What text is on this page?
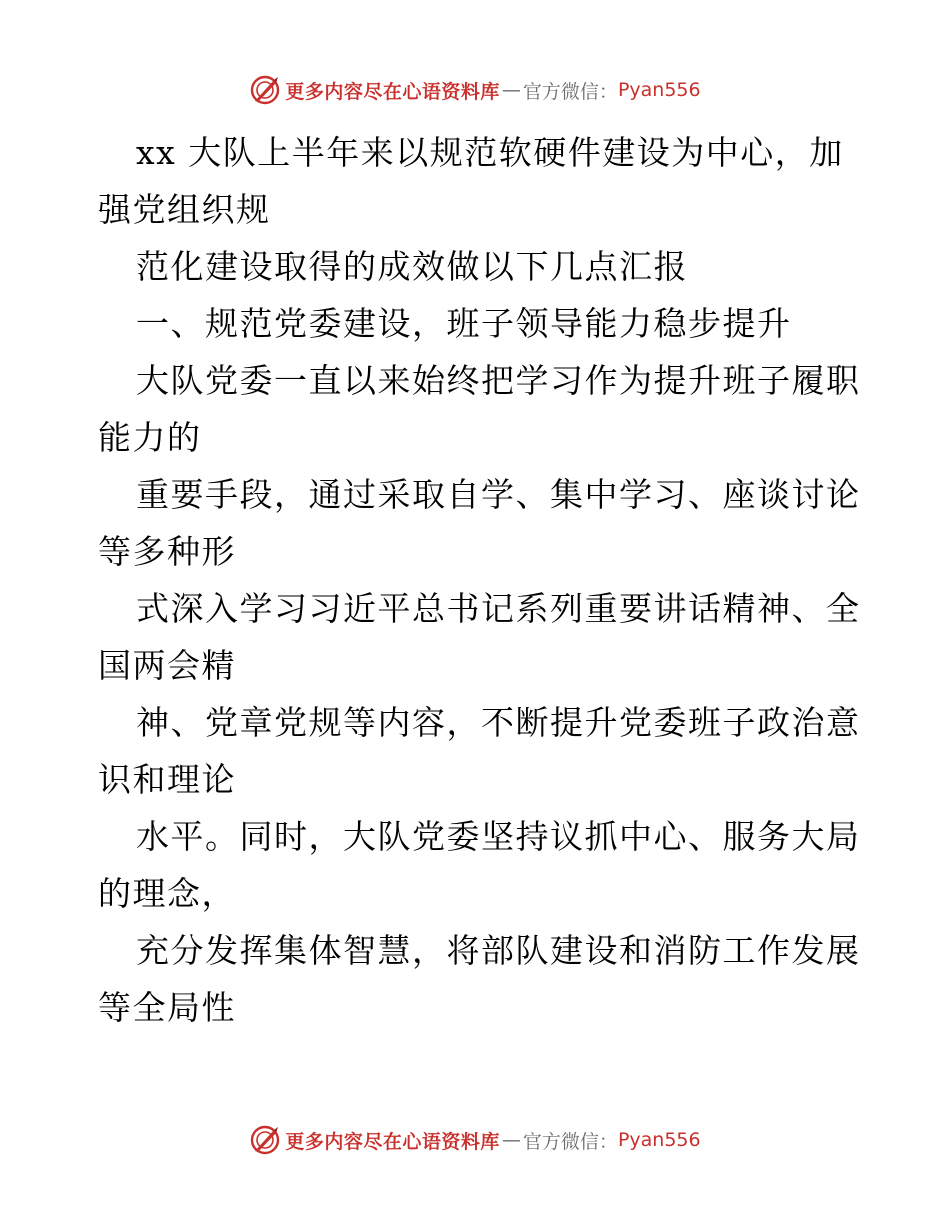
更多内容尽在心语资料库 — 官方微信： Pyan556

xx 大队上半年来以规范软硬件建设为中心，加
强党组织规

范化建设取得的成效做以下几点汇报

一、规范党委建设，班子领导能力稳步提升

大队党委一直以来始终把学习作为提升班子履职
能力的

重要手段，通过采取自学、集中学习、座谈讨论
等多种形

式深入学习习近平总书记系列重要讲话精神、全
国两会精

神、党章党规等内容，不断提升党委班子政治意
识和理论

水平。同时，大队党委坚持议抓中心、服务大局
的理念，

充分发挥集体智慧，将部队建设和消防工作发展
等全局性

更多内容尽在心语资料库 — 官方微信： Pyan556
